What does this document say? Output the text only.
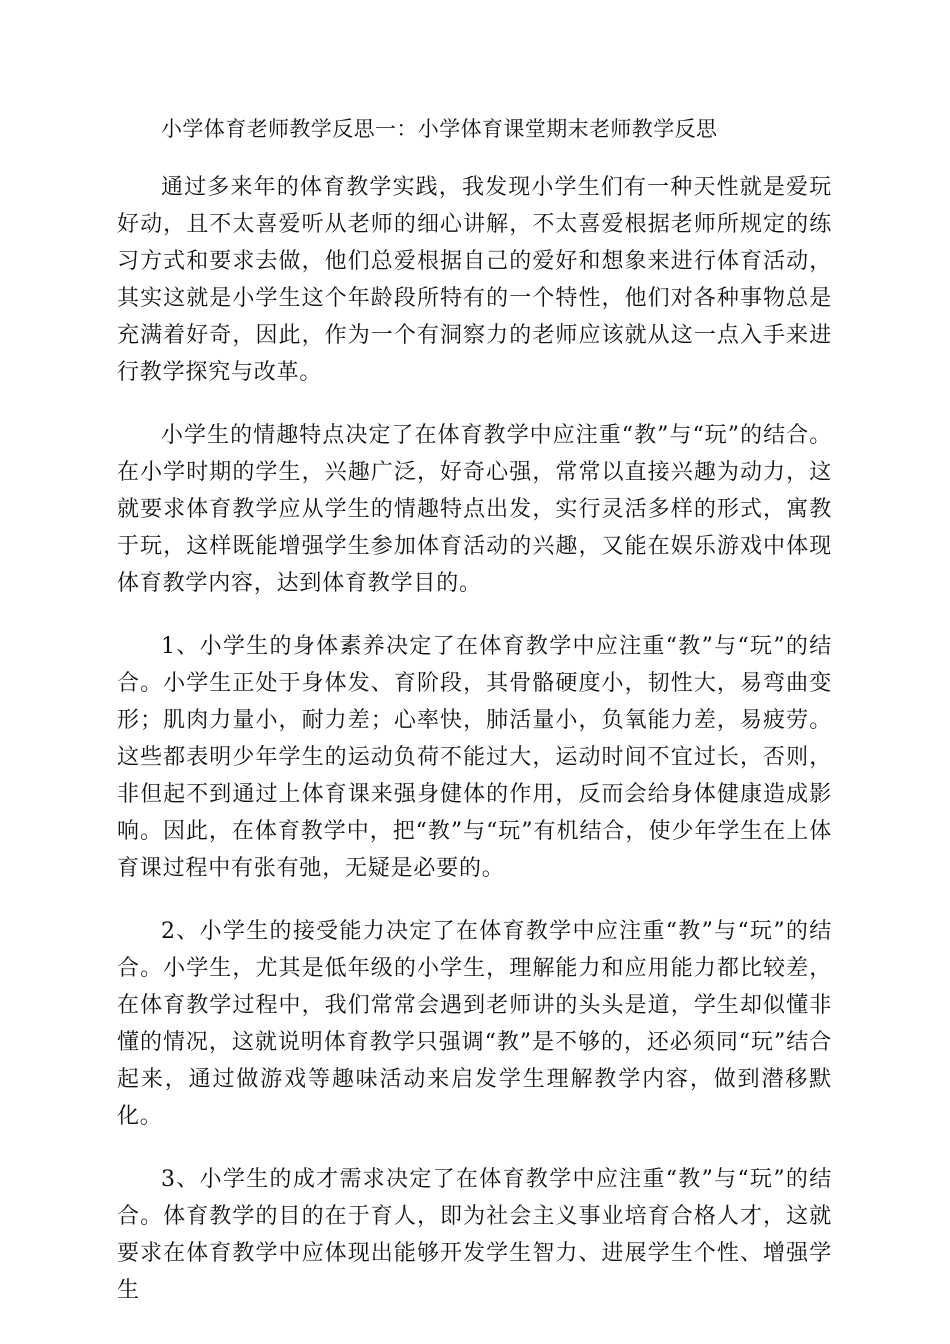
小学体育老师教学反思一：小学体育课堂期末老师教学反思

通过多来年的体育教学实践，我发现小学生们有一种天性就是爱玩好动，且不太喜爱听从老师的细心讲解，不太喜爱根据老师所规定的练习方式和要求去做，他们总爱根据自己的爱好和想象来进行体育活动，其实这就是小学生这个年龄段所特有的一个特性，他们对各种事物总是充满着好奇，因此，作为一个有洞察力的老师应该就从这一点入手来进行教学探究与改革。

小学生的情趣特点决定了在体育教学中应注重“教”与“玩”的结合。在小学时期的学生，兴趣广泛，好奇心强，常常以直接兴趣为动力，这就要求体育教学应从学生的情趣特点出发，实行灵活多样的形式，寓教于玩，这样既能增强学生参加体育活动的兴趣，又能在娱乐游戏中体现体育教学内容，达到体育教学目的。

1、小学生的身体素养决定了在体育教学中应注重“教”与“玩”的结合。小学生正处于身体发、育阶段，其骨骼硬度小，韧性大，易弯曲变形；肌肉力量小，耐力差；心率快，肺活量小，负氧能力差，易疲劳。这些都表明少年学生的运动负荷不能过大，运动时间不宜过长，否则，非但起不到通过上体育课来强身健体的作用，反而会给身体健康造成影响。因此，在体育教学中，把“教”与“玩”有机结合，使少年学生在上体育课过程中有张有弛，无疑是必要的。

2、小学生的接受能力决定了在体育教学中应注重“教”与“玩”的结合。小学生，尤其是低年级的小学生，理解能力和应用能力都比较差，在体育教学过程中，我们常常会遇到老师讲的头头是道，学生却似懂非懂的情况，这就说明体育教学只强调“教”是不够的，还必须同“玩”结合起来，通过做游戏等趣味活动来启发学生理解教学内容，做到潜移默化。

3、小学生的成才需求决定了在体育教学中应注重“教”与“玩”的结合。体育教学的目的在于育人，即为社会主义事业培育合格人才，这就要求在体育教学中应体现出能够开发学生智力、进展学生个性、增强学生
